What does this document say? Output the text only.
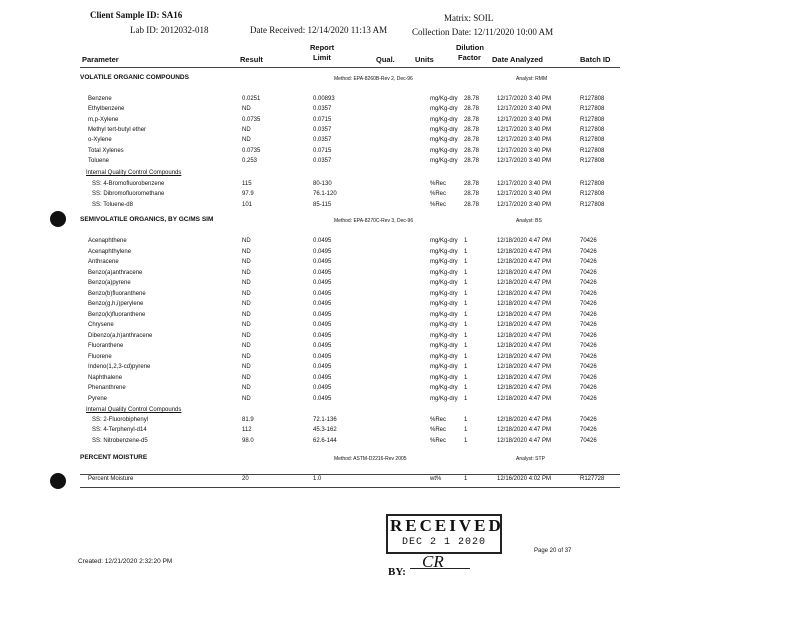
Client Sample ID: SA16
Lab ID: 2012032-018	Date Received: 12/14/2020 11:13 AM
Matrix: SOIL
Collection Date: 12/11/2020 10:00 AM
Parameter	Result
Report
Limit	Qual.	Units
Dilution
Factor Date Analyzed	Batch ID
VOLATILE ORGANIC COMPOUNDS	Method: EPA-8260B-Rev 2, Dec-96	Analyst: RMM
Benzene	0.0251	0.00893	mg/Kg-dry 28.78	12/17/2020 3:40 PM	R127808
Ethylbenzene	ND	0.0357	mg/Kg-dry 28.78	12/17/2020 3:40 PM	R127808
m,p-Xylene	0.0735	0.0715	mg/Kg-dry 28.78	12/17/2020 3:40 PM	R127808
Methyl tert-butyl ether	ND	0.0357	mg/Kg-dry 28.78	12/17/2020 3:40 PM	R127808
o-Xylene	ND	0.0357	mg/Kg-dry 28.78	12/17/2020 3:40 PM	R127808
Total Xylenes	0.0735	0.0715	mg/Kg-dry 28.78	12/17/2020 3:40 PM	R127808
Toluene	0.253	0.0357	mg/Kg-dry 28.78	12/17/2020 3:40 PM	R127808
Internal Quality Control Compounds
SS: 4-Bromofluorobenzene	115	80-130	%Rec	28.78	12/17/2020 3:40 PM	R127808
SS: Dibromofluoromethane	97.9	76.1-120	%Rec	28.78	12/17/2020 3:40 PM	R127808
SS: Toluene-d8	101	85-115	%Rec	28.78	12/17/2020 3:40 PM	R127808
SEMIVOLATILE ORGANICS, BY GC/MS SIM	Method: EPA-8270C-Rev 3, Dec-96	Analyst: BS
Acenaphthene	ND	0.0495	mg/Kg-dry 1	12/18/2020 4:47 PM	70426
Acenaphthylene	ND	0.0495	mg/Kg-dry 1	12/18/2020 4:47 PM	70426
Anthracene	ND	0.0495	mg/Kg-dry 1	12/18/2020 4:47 PM	70426
Benzo(a)anthracene	ND	0.0495	mg/Kg-dry 1	12/18/2020 4:47 PM	70426
Benzo(a)pyrene	ND	0.0495	mg/Kg-dry 1	12/18/2020 4:47 PM	70426
Benzo(b)fluoranthene	ND	0.0495	mg/Kg-dry 1	12/18/2020 4:47 PM	70426
Benzo(g,h,i)perylene	ND	0.0495	mg/Kg-dry 1	12/18/2020 4:47 PM	70426
Benzo(k)fluoranthene	ND	0.0495	mg/Kg-dry 1	12/18/2020 4:47 PM	70426
Chrysene	ND	0.0495	mg/Kg-dry 1	12/18/2020 4:47 PM	70426
Dibenzo(a,h)anthracene	ND	0.0495	mg/Kg-dry 1	12/18/2020 4:47 PM	70426
Fluoranthene	ND	0.0495	mg/Kg-dry 1	12/18/2020 4:47 PM	70426
Fluorene	ND	0.0495	mg/Kg-dry 1	12/18/2020 4:47 PM	70426
Indeno(1,2,3-cd)pyrene	ND	0.0495	mg/Kg-dry 1	12/18/2020 4:47 PM	70426
Naphthalene	ND	0.0495	mg/Kg-dry 1	12/18/2020 4:47 PM	70426
Phenanthrene	ND	0.0495	mg/Kg-dry 1	12/18/2020 4:47 PM	70426
Pyrene	ND	0.0495	mg/Kg-dry 1	12/18/2020 4:47 PM	70426
Internal Quality Control Compounds
SS: 2-Fluorobiphenyl	81.9	72.1-136	%Rec	1	12/18/2020 4:47 PM	70426
SS: 4-Terphenyl-d14	112	45.3-162	%Rec	1	12/18/2020 4:47 PM	70426
SS: Nitrobenzene-d5	98.0	62.6-144	%Rec	1	12/18/2020 4:47 PM	70426
PERCENT MOISTURE	Method: ASTM-D2216-Rev 2005	Analyst: STP
Percent Moisture	20	1.0	wt%	1	12/16/2020 4:02 PM	R127728
RECEIVED
DEC 2 1 2020
BY:
CR
Created: 12/21/2020 2:32:20 PM
Page 20 of 37
